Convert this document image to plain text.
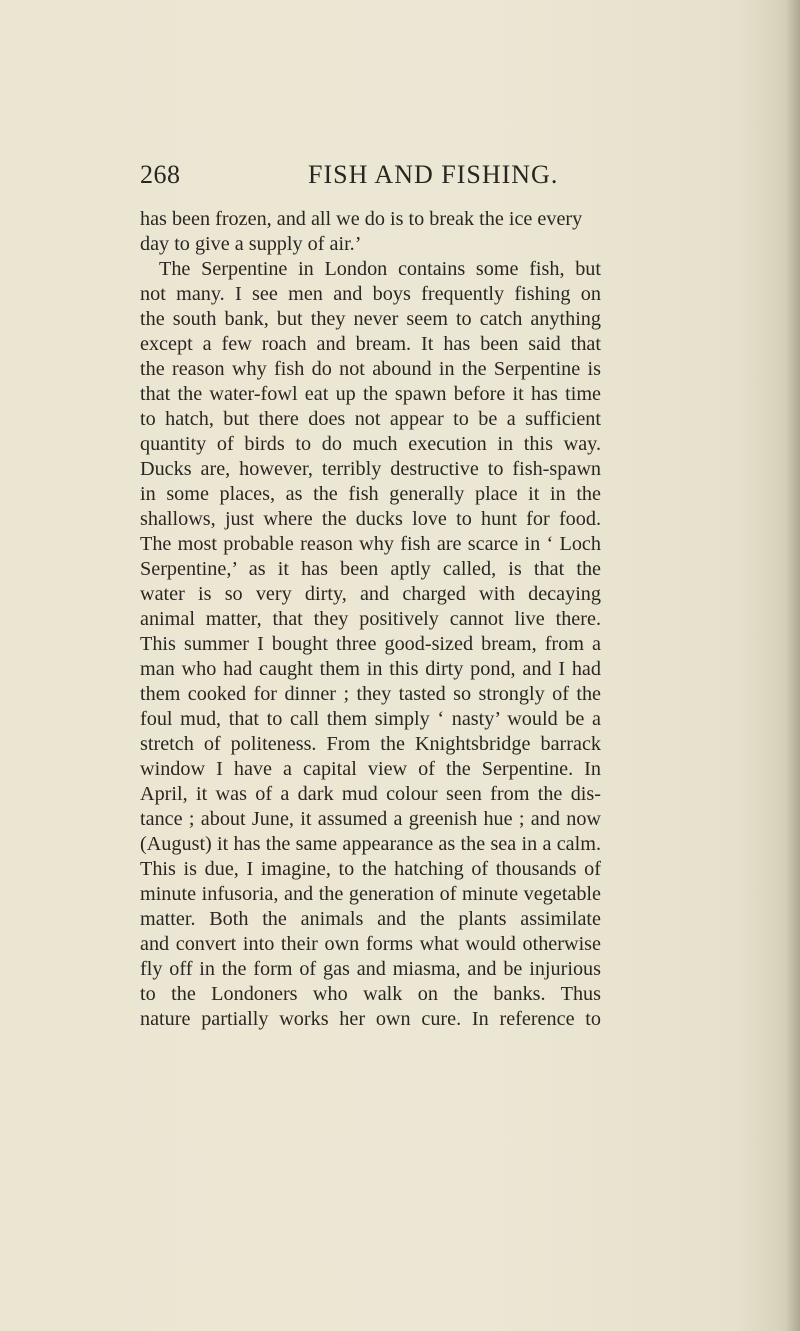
268	FISH AND FISHING.
has been frozen, and all we do is to break the ice every
day to give a supply of air.’
The Serpentine in London contains some fish, but
not many. I see men and boys frequently fishing on
the south bank, but they never seem to catch anything
except a few roach and bream. It has been said that
the reason why fish do not abound in the Serpentine is
that the water-fowl eat up the spawn before it has time
to hatch, but there does not appear to be a sufficient
quantity of birds to do much execution in this way.
Ducks are, however, terribly destructive to fish-spawn
in some places, as the fish generally place it in the
shallows, just where the ducks love to hunt for food.
The most probable reason why fish are scarce in ‘ Loch
Serpentine,’ as it has been aptly called, is that the
water is so very dirty, and charged with decaying
animal matter, that they positively cannot live there.
This summer I bought three good-sized bream, from a
man who had caught them in this dirty pond, and I had
them cooked for dinner ; they tasted so strongly of the
foul mud, that to call them simply ‘ nasty’ would be a
stretch of politeness. From the Knightsbridge barrack
window I have a capital view of the Serpentine. In
April, it was of a dark mud colour seen from the dis-
tance ; about June, it assumed a greenish hue ; and now
(August) it has the same appearance as the sea in a calm.
This is due, I imagine, to the hatching of thousands of
minute infusoria, and the generation of minute vegetable
matter. Both the animals and the plants assimilate
and convert into their own forms what would otherwise
fly off in the form of gas and miasma, and be injurious
to the Londoners who walk on the banks. Thus
nature partially works her own cure. In reference to
